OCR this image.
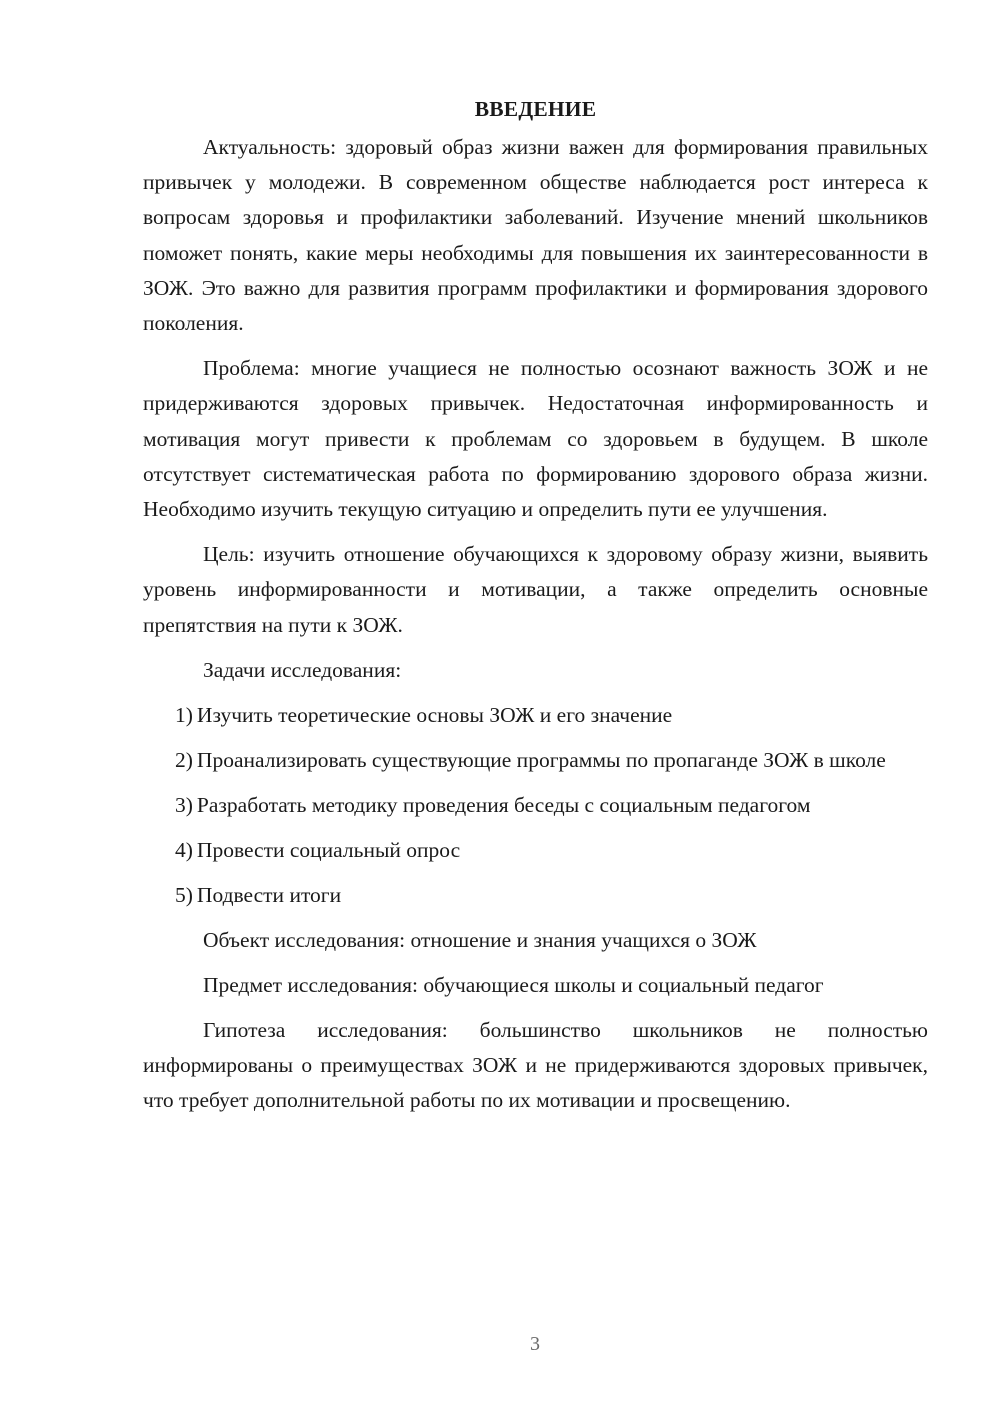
ВВЕДЕНИЕ

Актуальность: здоровый образ жизни важен для формирования правильных привычек у молодежи. В современном обществе наблюдается рост интереса к вопросам здоровья и профилактики заболеваний. Изучение мнений школьников поможет понять, какие меры необходимы для повышения их заинтересованности в ЗОЖ. Это важно для развития программ профилактики и формирования здорового поколения.

Проблема: многие учащиеся не полностью осознают важность ЗОЖ и не придерживаются здоровых привычек. Недостаточная информированность и мотивация могут привести к проблемам со здоровьем в будущем. В школе отсутствует систематическая работа по формированию здорового образа жизни. Необходимо изучить текущую ситуацию и определить пути ее улучшения.

Цель: изучить отношение обучающихся к здоровому образу жизни, выявить уровень информированности и мотивации, а также определить основные препятствия на пути к ЗОЖ.

Задачи исследования:

1) Изучить теоретические основы ЗОЖ и его значение

2) Проанализировать существующие программы по пропаганде ЗОЖ в школе

3) Разработать методику проведения беседы с социальным педагогом

4) Провести социальный опрос

5) Подвести итоги

Объект исследования: отношение и знания учащихся о ЗОЖ

Предмет исследования: обучающиеся школы и социальный педагог

Гипотеза исследования: большинство школьников не полностью информированы о преимуществах ЗОЖ и не придерживаются здоровых привычек, что требует дополнительной работы по их мотивации и просвещению.

3
